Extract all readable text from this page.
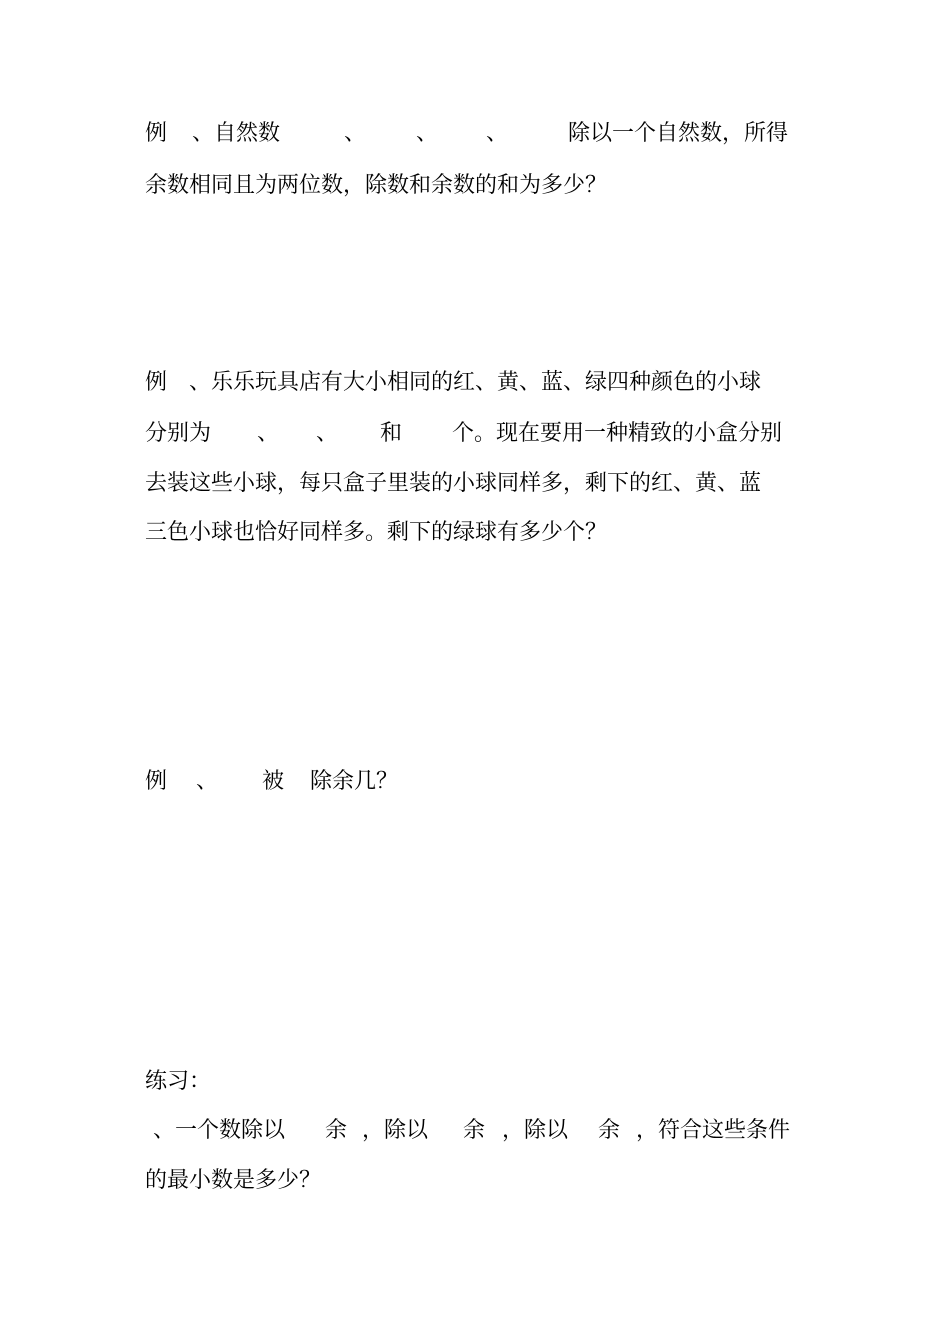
例

、自然数

	、

、

、

	除以一个自然数，所得

余数相同且为两位数，除数和余数的和为多少？

例

、乐乐玩具店有大小相同的红、黄、蓝、绿四种颜色的小球

分别为

、

、

和

个。现在要用一种精致的小盒分别

去装这些小球，每只盒子里装的小球同样多，剩下的红、黄、蓝
三色小球也恰好同样多。剩下的绿球有多少个？

例

、

被

除余几？

练习：

、一个数除以

余

，除以

余

，除以

余

，符合这些条件

的最小数是多少？
